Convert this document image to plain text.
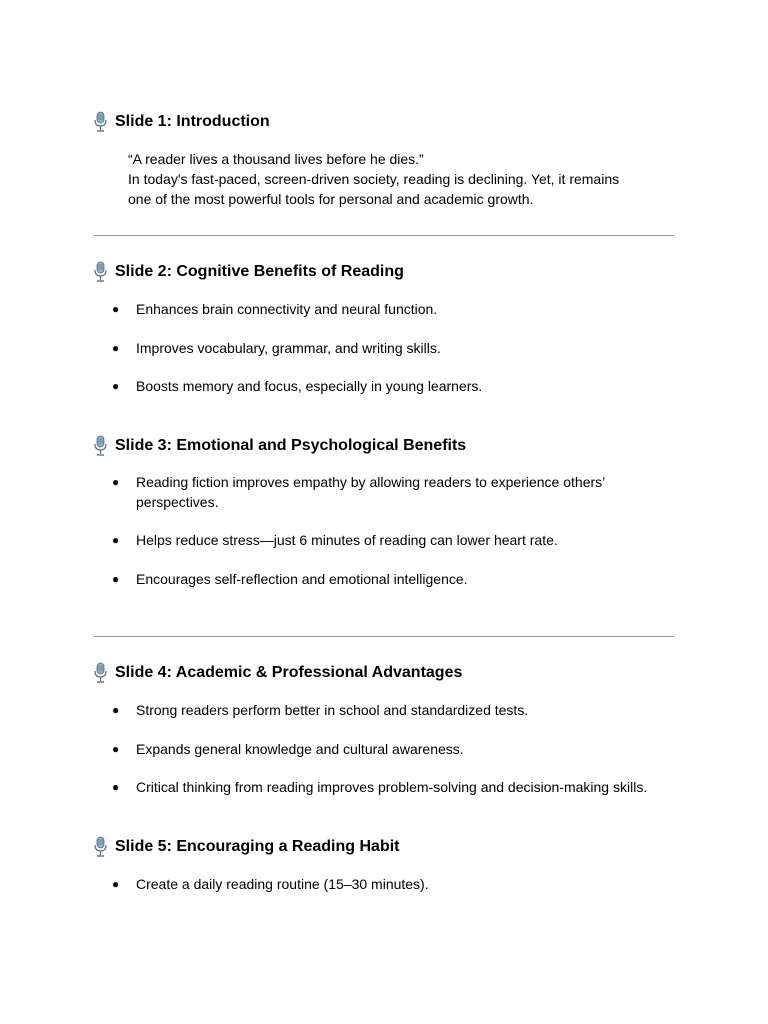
Slide 1: Introduction
“A reader lives a thousand lives before he dies.”
In today's fast-paced, screen-driven society, reading is declining. Yet, it remains
one of the most powerful tools for personal and academic growth.
Slide 2: Cognitive Benefits of Reading
● Enhances brain connectivity and neural function.
● Improves vocabulary, grammar, and writing skills.
● Boosts memory and focus, especially in young learners.
Slide 3: Emotional and Psychological Benefits
● Reading fiction improves empathy by allowing readers to experience others’ perspectives.
● Helps reduce stress—just 6 minutes of reading can lower heart rate.
● Encourages self-reflection and emotional intelligence.
Slide 4: Academic & Professional Advantages
● Strong readers perform better in school and standardized tests.
● Expands general knowledge and cultural awareness.
● Critical thinking from reading improves problem-solving and decision-making skills.
Slide 5: Encouraging a Reading Habit
● Create a daily reading routine (15–30 minutes).
